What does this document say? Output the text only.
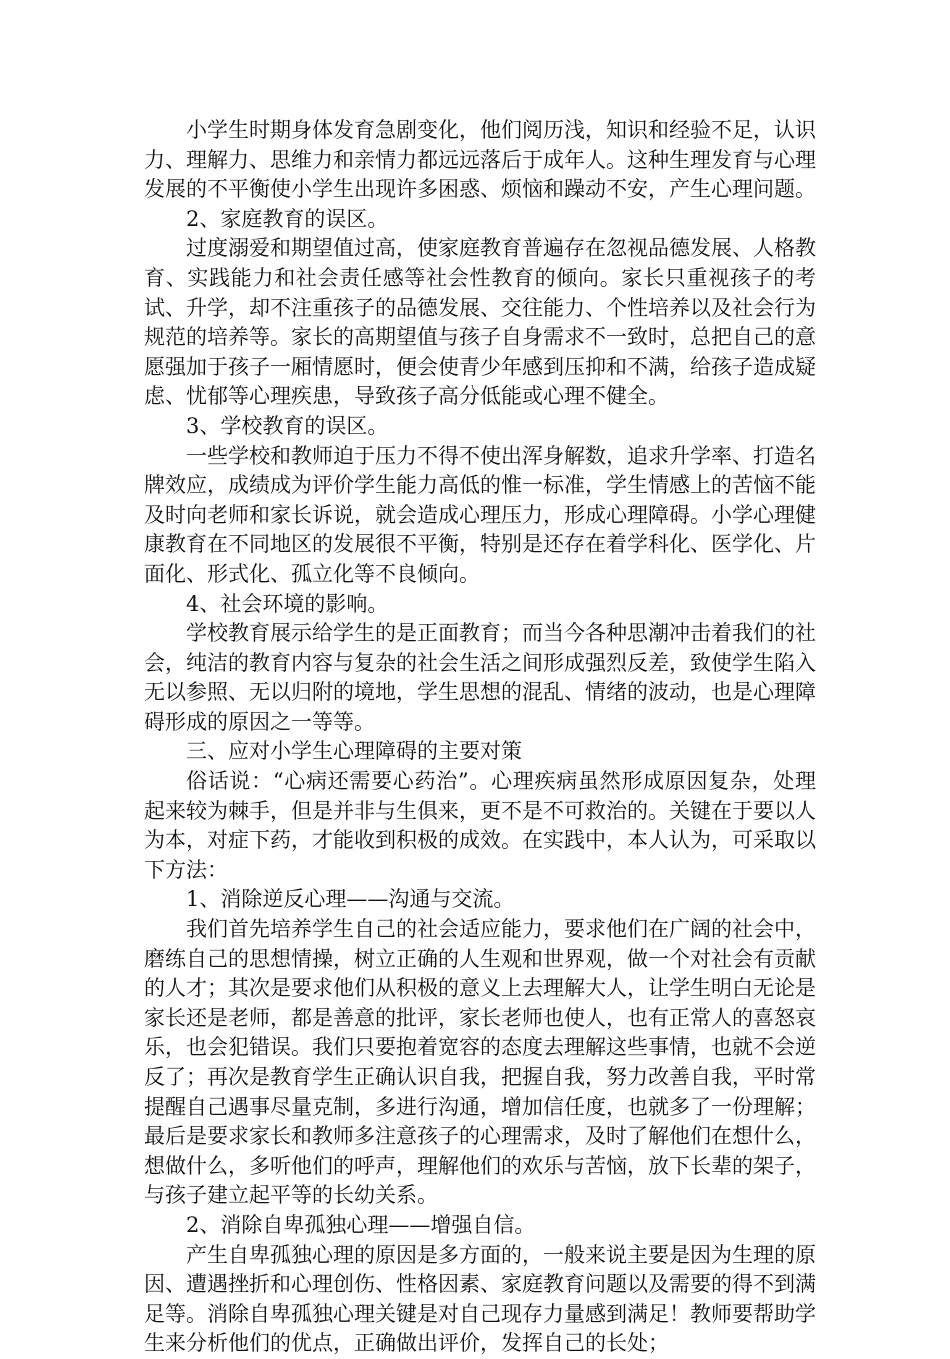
小学生时期身体发育急剧变化，他们阅历浅，知识和经验不足，认识力、理解力、思维力和亲情力都远远落后于成年人。这种生理发育与心理发展的不平衡使小学生出现许多困惑、烦恼和躁动不安，产生心理问题。

2、家庭教育的误区。

过度溺爱和期望值过高，使家庭教育普遍存在忽视品德发展、人格教育、实践能力和社会责任感等社会性教育的倾向。家长只重视孩子的考试、升学，却不注重孩子的品德发展、交往能力、个性培养以及社会行为规范的培养等。家长的高期望值与孩子自身需求不一致时，总把自己的意愿强加于孩子一厢情愿时，便会使青少年感到压抑和不满，给孩子造成疑虑、忧郁等心理疾患，导致孩子高分低能或心理不健全。

3、学校教育的误区。

一些学校和教师迫于压力不得不使出浑身解数，追求升学率、打造名牌效应，成绩成为评价学生能力高低的惟一标准，学生情感上的苦恼不能及时向老师和家长诉说，就会造成心理压力，形成心理障碍。小学心理健康教育在不同地区的发展很不平衡，特别是还存在着学科化、医学化、片面化、形式化、孤立化等不良倾向。

4、社会环境的影响。

学校教育展示给学生的是正面教育；而当今各种思潮冲击着我们的社会，纯洁的教育内容与复杂的社会生活之间形成强烈反差，致使学生陷入无以参照、无以归附的境地，学生思想的混乱、情绪的波动，也是心理障碍形成的原因之一等等。

三、应对小学生心理障碍的主要对策

俗话说：“心病还需要心药治”。心理疾病虽然形成原因复杂，处理起来较为棘手，但是并非与生俱来，更不是不可救治的。关键在于要以人为本，对症下药，才能收到积极的成效。在实践中，本人认为，可采取以下方法：

1、消除逆反心理——沟通与交流。

我们首先培养学生自己的社会适应能力，要求他们在广阔的社会中，磨练自己的思想情操，树立正确的人生观和世界观，做一个对社会有贡献的人才；其次是要求他们从积极的意义上去理解大人，让学生明白无论是家长还是老师，都是善意的批评，家长老师也使人，也有正常人的喜怒哀乐，也会犯错误。我们只要抱着宽容的态度去理解这些事情，也就不会逆反了；再次是教育学生正确认识自我，把握自我，努力改善自我，平时常提醒自己遇事尽量克制，多进行沟通，增加信任度，也就多了一份理解；最后是要求家长和教师多注意孩子的心理需求，及时了解他们在想什么，想做什么，多听他们的呼声，理解他们的欢乐与苦恼，放下长辈的架子，与孩子建立起平等的长幼关系。

2、消除自卑孤独心理——增强自信。

产生自卑孤独心理的原因是多方面的，一般来说主要是因为生理的原因、遭遇挫折和心理创伤、性格因素、家庭教育问题以及需要的得不到满足等。消除自卑孤独心理关键是对自己现存力量感到满足！教师要帮助学生来分析他们的优点，正确做出评价，发挥自己的长处；
